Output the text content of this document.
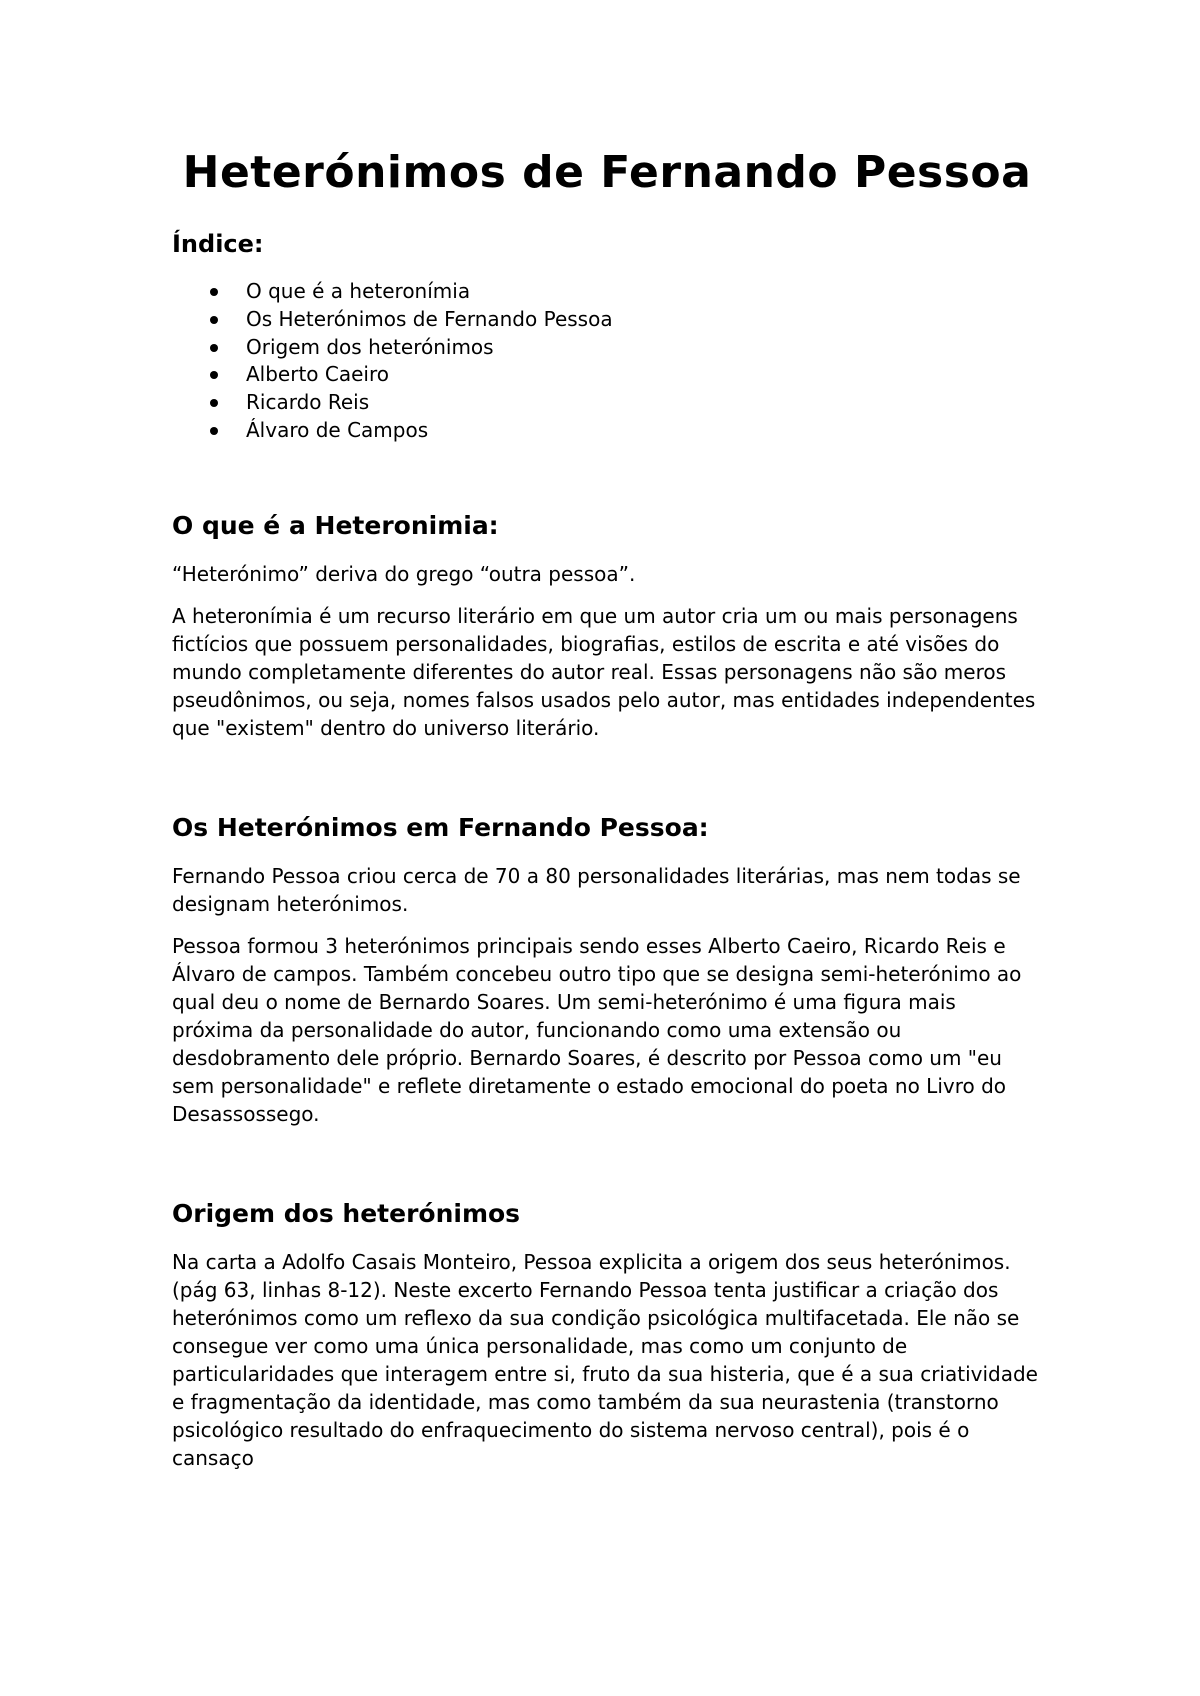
Heterónimos de Fernando Pessoa
Índice:
O que é a heteronímia
Os Heterónimos de Fernando Pessoa
Origem dos heterónimos
Alberto Caeiro
Ricardo Reis
Álvaro de Campos
O que é a Heteronimia:

“Heterónimo” deriva do grego “outra pessoa”.

A heteronímia é um recurso literário em que um autor cria um ou mais personagens fictícios que possuem personalidades, biografias, estilos de escrita e até visões do mundo completamente diferentes do autor real. Essas personagens não são meros pseudônimos, ou seja, nomes falsos usados pelo autor, mas entidades independentes que "existem" dentro do universo literário.

Os Heterónimos em Fernando Pessoa:

Fernando Pessoa criou cerca de 70 a 80 personalidades literárias, mas nem todas se designam heterónimos.

Pessoa formou 3 heterónimos principais sendo esses Alberto Caeiro, Ricardo Reis e Álvaro de campos. Também concebeu outro tipo que se designa semi-heterónimo ao qual deu o nome de Bernardo Soares. Um semi-heterónimo é uma figura mais próxima da personalidade do autor, funcionando como uma extensão ou desdobramento dele próprio. Bernardo Soares, é descrito por Pessoa como um "eu sem personalidade" e reflete diretamente o estado emocional do poeta no Livro do Desassossego.

Origem dos heterónimos

Na carta a Adolfo Casais Monteiro, Pessoa explicita a origem dos seus heterónimos. (pág 63, linhas 8-12). Neste excerto Fernando Pessoa tenta justificar a criação dos heterónimos como um reflexo da sua condição psicológica multifacetada. Ele não se consegue ver como uma única personalidade, mas como um conjunto de particularidades que interagem entre si, fruto da sua histeria, que é a sua criatividade e fragmentação da identidade, mas como também da sua neurastenia (transtorno psicológico resultado do enfraquecimento do sistema nervoso central), pois é o cansaço
